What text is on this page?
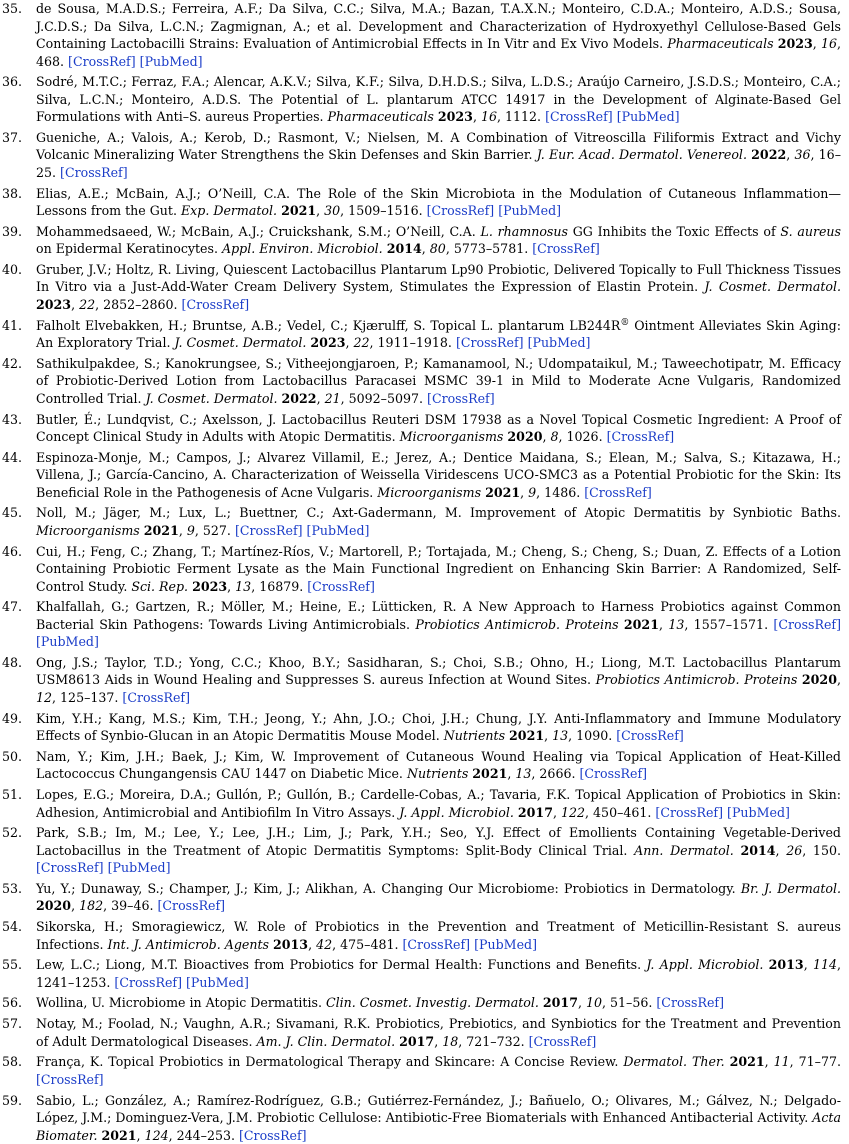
35.	de Sousa, M.A.D.S.; Ferreira, A.F.; Da Silva, C.C.; Silva, M.A.; Bazan, T.A.X.N.; Monteiro, C.D.A.; Monteiro, A.D.S.; Sousa, J.C.D.S.; Da Silva, L.C.N.; Zagmignan, A.; et al. Development and Characterization of Hydroxyethyl Cellulose-Based Gels Containing Lactobacilli Strains: Evaluation of Antimicrobial Effects in In Vitr and Ex Vivo Models. Pharmaceuticals 2023, 16, 468. [CrossRef] [PubMed]
36.	Sodré, M.T.C.; Ferraz, F.A.; Alencar, A.K.V.; Silva, K.F.; Silva, D.H.D.S.; Silva, L.D.S.; Araújo Carneiro, J.S.D.S.; Monteiro, C.A.; Silva, L.C.N.; Monteiro, A.D.S. The Potential of L. plantarum ATCC 14917 in the Development of Alginate-Based Gel Formulations with Anti–S. aureus Properties. Pharmaceuticals 2023, 16, 1112. [CrossRef] [PubMed]
37.	Gueniche, A.; Valois, A.; Kerob, D.; Rasmont, V.; Nielsen, M. A Combination of Vitreoscilla Filiformis Extract and Vichy Volcanic Mineralizing Water Strengthens the Skin Defenses and Skin Barrier. J. Eur. Acad. Dermatol. Venereol. 2022, 36, 16–25. [CrossRef]
38.	Elias, A.E.; McBain, A.J.; O’Neill, C.A. The Role of the Skin Microbiota in the Modulation of Cutaneous Inflammation—Lessons from the Gut. Exp. Dermatol. 2021, 30, 1509–1516. [CrossRef] [PubMed]
39.	Mohammedsaeed, W.; McBain, A.J.; Cruickshank, S.M.; O’Neill, C.A. L. rhamnosus GG Inhibits the Toxic Effects of S. aureus on Epidermal Keratinocytes. Appl. Environ. Microbiol. 2014, 80, 5773–5781. [CrossRef]
40.	Gruber, J.V.; Holtz, R. Living, Quiescent Lactobacillus Plantarum Lp90 Probiotic, Delivered Topically to Full Thickness Tissues In Vitro via a Just-Add-Water Cream Delivery System, Stimulates the Expression of Elastin Protein. J. Cosmet. Dermatol. 2023, 22, 2852–2860. [CrossRef]
41.	Falholt Elvebakken, H.; Bruntse, A.B.; Vedel, C.; Kjærulff, S. Topical L. plantarum LB244R® Ointment Alleviates Skin Aging: An Exploratory Trial. J. Cosmet. Dermatol. 2023, 22, 1911–1918. [CrossRef] [PubMed]
42.	Sathikulpakdee, S.; Kanokrungsee, S.; Vitheejongjaroen, P.; Kamanamool, N.; Udompataikul, M.; Taweechotipatr, M. Efficacy of Probiotic-Derived Lotion from Lactobacillus Paracasei MSMC 39-1 in Mild to Moderate Acne Vulgaris, Randomized Controlled Trial. J. Cosmet. Dermatol. 2022, 21, 5092–5097. [CrossRef]
43.	Butler, É.; Lundqvist, C.; Axelsson, J. Lactobacillus Reuteri DSM 17938 as a Novel Topical Cosmetic Ingredient: A Proof of Concept Clinical Study in Adults with Atopic Dermatitis. Microorganisms 2020, 8, 1026. [CrossRef]
44.	Espinoza-Monje, M.; Campos, J.; Alvarez Villamil, E.; Jerez, A.; Dentice Maidana, S.; Elean, M.; Salva, S.; Kitazawa, H.; Villena, J.; García-Cancino, A. Characterization of Weissella Viridescens UCO-SMC3 as a Potential Probiotic for the Skin: Its Beneficial Role in the Pathogenesis of Acne Vulgaris. Microorganisms 2021, 9, 1486. [CrossRef]
45.	Noll, M.; Jäger, M.; Lux, L.; Buettner, C.; Axt-Gadermann, M. Improvement of Atopic Dermatitis by Synbiotic Baths. Microorganisms 2021, 9, 527. [CrossRef] [PubMed]
46.	Cui, H.; Feng, C.; Zhang, T.; Martínez-Ríos, V.; Martorell, P.; Tortajada, M.; Cheng, S.; Cheng, S.; Duan, Z. Effects of a Lotion Containing Probiotic Ferment Lysate as the Main Functional Ingredient on Enhancing Skin Barrier: A Randomized, Self-Control Study. Sci. Rep. 2023, 13, 16879. [CrossRef]
47.	Khalfallah, G.; Gartzen, R.; Möller, M.; Heine, E.; Lütticken, R. A New Approach to Harness Probiotics against Common Bacterial Skin Pathogens: Towards Living Antimicrobials. Probiotics Antimicrob. Proteins 2021, 13, 1557–1571. [CrossRef] [PubMed]
48.	Ong, J.S.; Taylor, T.D.; Yong, C.C.; Khoo, B.Y.; Sasidharan, S.; Choi, S.B.; Ohno, H.; Liong, M.T. Lactobacillus Plantarum USM8613 Aids in Wound Healing and Suppresses S. aureus Infection at Wound Sites. Probiotics Antimicrob. Proteins 2020, 12, 125–137. [CrossRef]
49.	Kim, Y.H.; Kang, M.S.; Kim, T.H.; Jeong, Y.; Ahn, J.O.; Choi, J.H.; Chung, J.Y. Anti-Inflammatory and Immune Modulatory Effects of Synbio-Glucan in an Atopic Dermatitis Mouse Model. Nutrients 2021, 13, 1090. [CrossRef]
50.	Nam, Y.; Kim, J.H.; Baek, J.; Kim, W. Improvement of Cutaneous Wound Healing via Topical Application of Heat-Killed Lactococcus Chungangensis CAU 1447 on Diabetic Mice. Nutrients 2021, 13, 2666. [CrossRef]
51.	Lopes, E.G.; Moreira, D.A.; Gullón, P.; Gullón, B.; Cardelle-Cobas, A.; Tavaria, F.K. Topical Application of Probiotics in Skin: Adhesion, Antimicrobial and Antibiofilm In Vitro Assays. J. Appl. Microbiol. 2017, 122, 450–461. [CrossRef] [PubMed]
52.	Park, S.B.; Im, M.; Lee, Y.; Lee, J.H.; Lim, J.; Park, Y.H.; Seo, Y.J. Effect of Emollients Containing Vegetable-Derived Lactobacillus in the Treatment of Atopic Dermatitis Symptoms: Split-Body Clinical Trial. Ann. Dermatol. 2014, 26, 150. [CrossRef] [PubMed]
53.	Yu, Y.; Dunaway, S.; Champer, J.; Kim, J.; Alikhan, A. Changing Our Microbiome: Probiotics in Dermatology. Br. J. Dermatol. 2020, 182, 39–46. [CrossRef]
54.	Sikorska, H.; Smoragiewicz, W. Role of Probiotics in the Prevention and Treatment of Meticillin-Resistant S. aureus Infections. Int. J. Antimicrob. Agents 2013, 42, 475–481. [CrossRef] [PubMed]
55.	Lew, L.C.; Liong, M.T. Bioactives from Probiotics for Dermal Health: Functions and Benefits. J. Appl. Microbiol. 2013, 114, 1241–1253. [CrossRef] [PubMed]
56.	Wollina, U. Microbiome in Atopic Dermatitis. Clin. Cosmet. Investig. Dermatol. 2017, 10, 51–56. [CrossRef]
57.	Notay, M.; Foolad, N.; Vaughn, A.R.; Sivamani, R.K. Probiotics, Prebiotics, and Synbiotics for the Treatment and Prevention of Adult Dermatological Diseases. Am. J. Clin. Dermatol. 2017, 18, 721–732. [CrossRef]
58.	França, K. Topical Probiotics in Dermatological Therapy and Skincare: A Concise Review. Dermatol. Ther. 2021, 11, 71–77. [CrossRef]
59.	Sabio, L.; González, A.; Ramírez-Rodríguez, G.B.; Gutiérrez-Fernández, J.; Bañuelo, O.; Olivares, M.; Gálvez, N.; Delgado-López, J.M.; Dominguez-Vera, J.M. Probiotic Cellulose: Antibiotic-Free Biomaterials with Enhanced Antibacterial Activity. Acta Biomater. 2021, 124, 244–253. [CrossRef]
